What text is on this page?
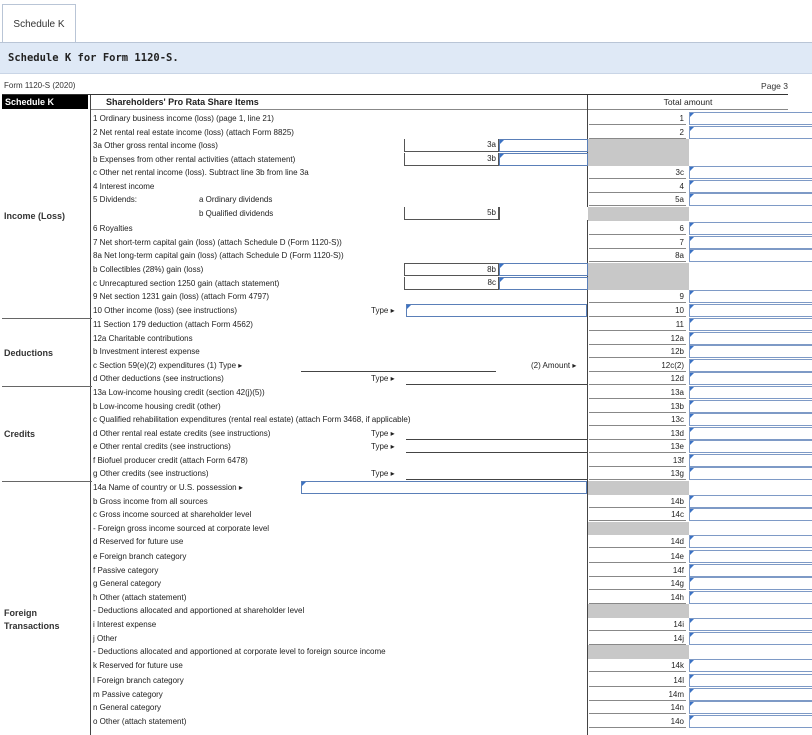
Schedule K
Schedule K for Form 1120-S.
Form 1120-S (2020)	Page 3
Schedule K	Shareholders' Pro Rata Share Items	Total amount
Income (Loss)
Deductions
Credits
Foreign
Transactions
1 Ordinary business income (loss) (page 1, line 21)	1
2 Net rental real estate income (loss) (attach Form 8825)	2
3a Other gross rental income (loss)	3a
b Expenses from other rental activities (attach statement)	3b
c Other net rental income (loss). Subtract line 3b from line 3a	3c
4 Interest income	4
5 Dividends:	a Ordinary dividends	5a
b Qualified dividends	5b
6 Royalties	6
7 Net short-term capital gain (loss) (attach Schedule D (Form 1120-S))	7
8a Net long-term capital gain (loss) (attach Schedule D (Form 1120-S))	8a
b Collectibles (28%) gain (loss)	8b
c Unrecaptured section 1250 gain (attach statement)	8c
9 Net section 1231 gain (loss) (attach Form 4797)	9
10 Other income (loss) (see instructions)	Type ▸	10
11 Section 179 deduction (attach Form 4562)	11
12a Charitable contributions	12a
b Investment interest expense	12b
c Section 59(e)(2) expenditures (1) Type ▸	(2) Amount ▸	12c(2)
d Other deductions (see instructions)	Type ▸	12d
13a Low-income housing credit (section 42(j)(5))	13a
b Low-income housing credit (other)	13b
c Qualified rehabilitation expenditures (rental real estate) (attach Form 3468, if applicable)	13c
d Other rental real estate credits (see instructions)	Type ▸	13d
e Other rental credits (see instructions)	Type ▸	13e
f Biofuel producer credit (attach Form 6478)	13f
g Other credits (see instructions)	Type ▸	13g
14a Name of country or U.S. possession ▸
b Gross income from all sources	14b
c Gross income sourced at shareholder level	14c
- Foreign gross income sourced at corporate level
d Reserved for future use	14d
e Foreign branch category	14e
f Passive category	14f
g General category	14g
h Other (attach statement)	14h
- Deductions allocated and apportioned at shareholder level
i Interest expense	14i
j Other	14j
- Deductions allocated and apportioned at corporate level to foreign source income
k Reserved for future use	14k
l Foreign branch category	14l
m Passive category	14m
n General category	14n
o Other (attach statement)	14o
